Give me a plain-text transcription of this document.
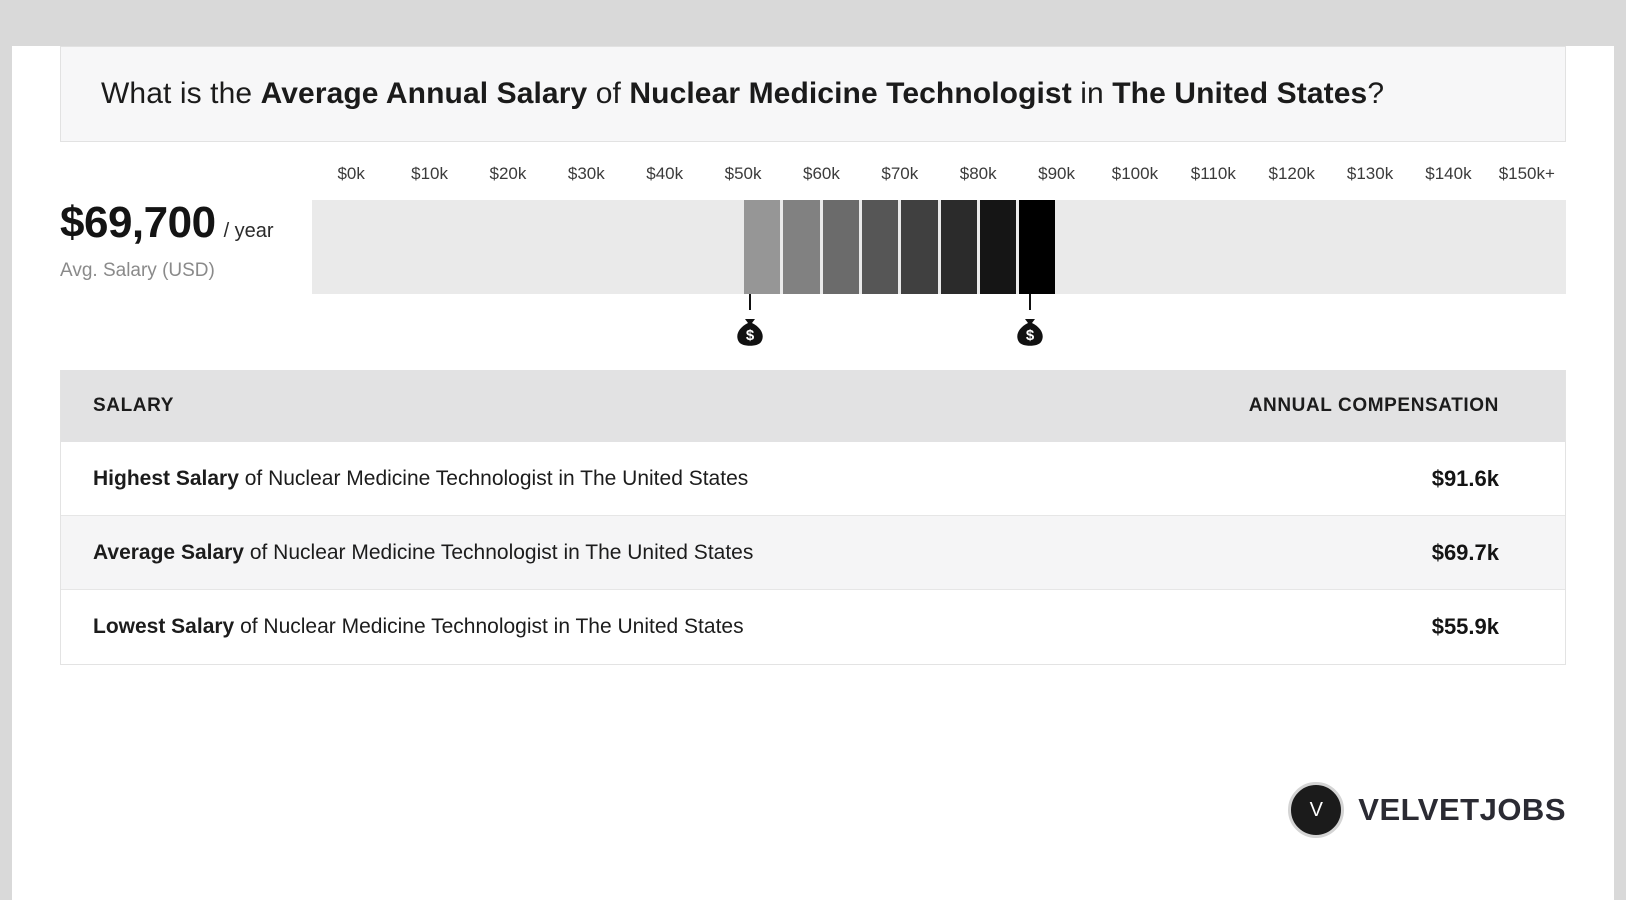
What is the Average Annual Salary of Nuclear Medicine Technologist in The United States?
$69,700 / year
Avg. Salary (USD)
$0k	$10k $20k $30k $40k $50k $60k $70k $80k $90k $100k $110k $120k $130k $140k $150k+
$	$
SALARY	ANNUAL COMPENSATION
Highest Salary of Nuclear Medicine Technologist in The United States	$91.6k
Average Salary of Nuclear Medicine Technologist in The United States	$69.7k
Lowest Salary of Nuclear Medicine Technologist in The United States	$55.9k
V	VELVETJOBS
